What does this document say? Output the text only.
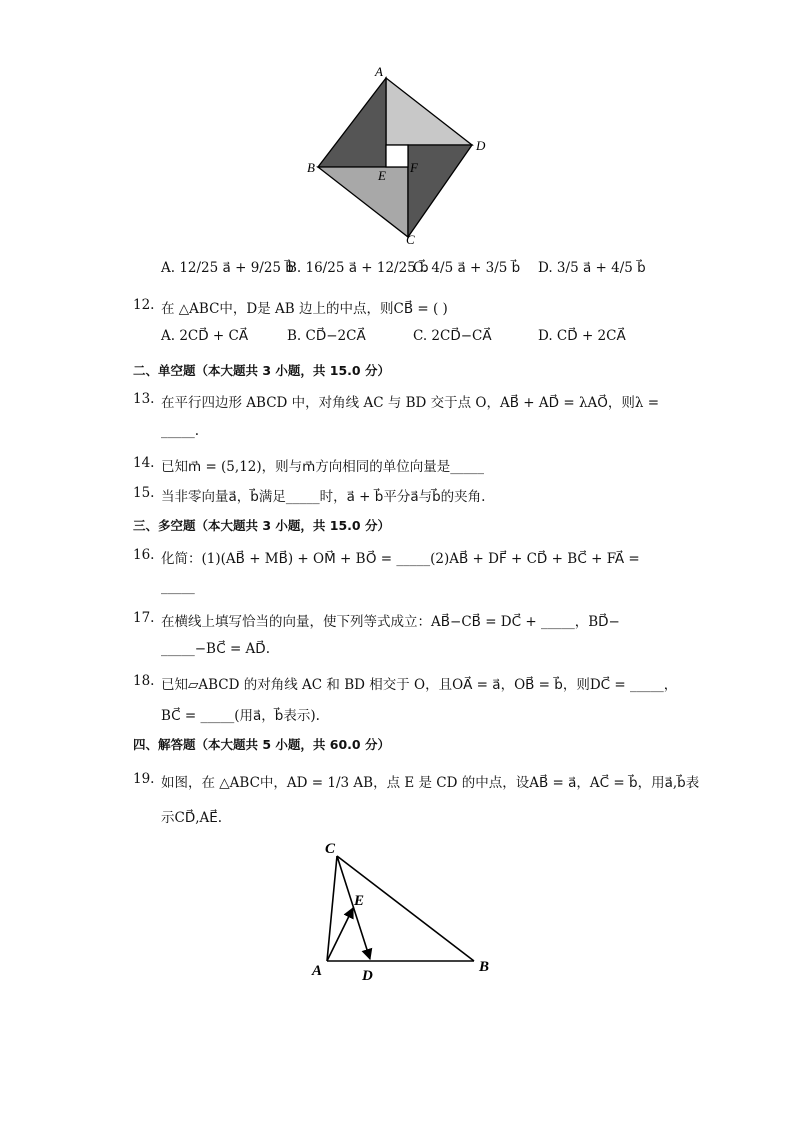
A
B
C
D
E
F
A. 12/25 a⃗ + 9/25 b⃗
B. 16/25 a⃗ + 12/25 b⃗
C. 4/5 a⃗ + 3/5 b⃗ D. 3/5 a⃗ + 4/5 b⃗
12. 在 △ABC中，D是 AB 边上的中点，则CB⃗ = ( )
A. 2CD⃗ + CA⃗	B. CD⃗−2CA⃗	C. 2CD⃗−CA⃗	D. CD⃗ + 2CA⃗
二、单空题（本大题共 3 小题，共 15.0 分）
13. 在平行四边形 ABCD 中，对角线 AC 与 BD 交于点 O，AB⃗ + AD⃗ = λAO⃗，则λ =
_____.
14. 已知m⃗ = (5,12)，则与m⃗方向相同的单位向量是_____
15. 当非零向量a⃗，b⃗满足_____时，a⃗ + b⃗平分a⃗与b⃗的夹角.
三、多空题（本大题共 3 小题，共 15.0 分）
16. 化简：(1)(AB⃗ + MB⃗) + OM⃗ + BO⃗ = _____(2)AB⃗ + DF⃗ + CD⃗ + BC⃗ + FA⃗ =
_____
17. 在横线上填写恰当的向量，使下列等式成立：AB⃗−CB⃗ = DC⃗ + _____，BD⃗−
_____−BC⃗ = AD⃗.
18. 已知▱ABCD 的对角线 AC 和 BD 相交于 O，且OA⃗ = a⃗，OB⃗ = b⃗，则DC⃗ = _____，
BC⃗ = _____(用a⃗，b⃗表示).
四、解答题（本大题共 5 小题，共 60.0 分）
19. 如图，在 △ABC中，AD = 1/3 AB，点 E 是 CD 的中点，设AB⃗ = a⃗，AC⃗ = b⃗，用a⃗,b⃗表
示CD⃗,AE⃗.
C
E
A	D
B
